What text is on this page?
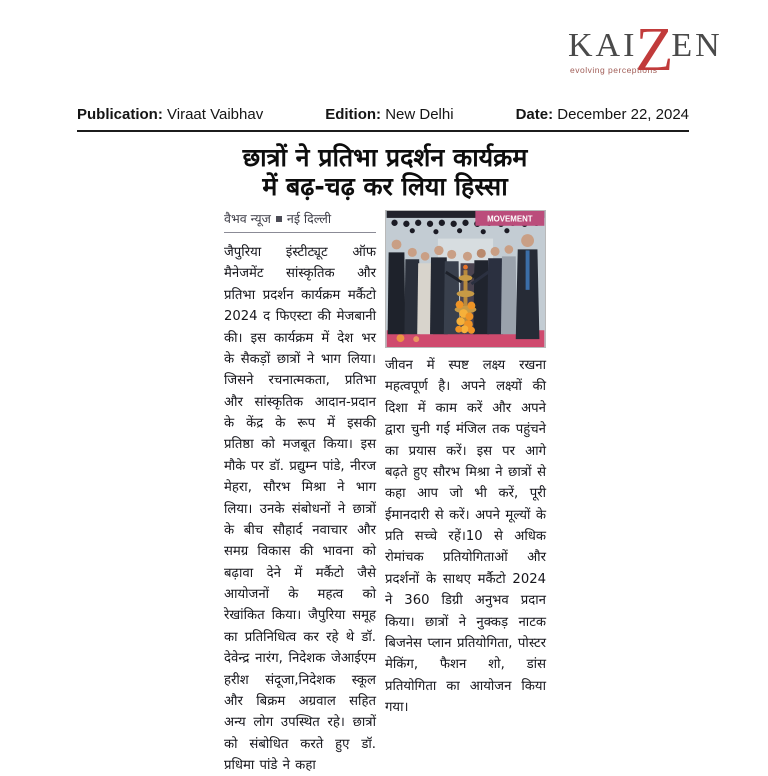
KAI
Z
EN
evolving perceptions
Publication: Viraat Vaibhav	Edition: New Delhi	Date: December 22, 2024
छात्रों ने प्रतिभा प्रदर्शन कार्यक्रम
में बढ़-चढ़ कर लिया हिस्सा
वैभव न्यूज नई दिल्ली

जैपुरिया इंस्टीट्यूट ऑफ मैनेजमेंट सांस्कृतिक और प्रतिभा प्रदर्शन कार्यक्रम मर्कैटो 2024 द फिएस्टा की मेजबानी की। इस कार्यक्रम में देश भर के सैकड़ों छात्रों ने भाग लिया। जिसने रचनात्मकता, प्रतिभा और सांस्कृतिक आदान-प्रदान के केंद्र के रूप में इसकी प्रतिष्ठा को मजबूत किया। इस मौके पर डॉ. प्रद्युम्न पांडे, नीरज मेहरा, सौरभ मिश्रा ने भाग लिया। उनके संबोधनों ने छात्रों के बीच सौहार्द नवाचार और समग्र विकास की भावना को बढ़ावा देने में मर्कैटो जैसे आयोजनों के महत्व को रेखांकित किया। जैपुरिया समूह का प्रतिनिधित्व कर रहे थे डॉ. देवेन्द्र नारंग, निदेशक जेआईएम हरीश संदूजा,निदेशक स्कूल और बिक्रम अग्रवाल सहित अन्य लोग उपस्थित रहे। छात्रों को संबोधित करते हुए डॉ. प्रधिमा पांडे ने कहा

MOVEMENT

जीवन में स्पष्ट लक्ष्य रखना महत्वपूर्ण है। अपने लक्ष्यों की दिशा में काम करें और अपने द्वारा चुनी गई मंजिल तक पहुंचने का प्रयास करें। इस पर आगे बढ़ते हुए सौरभ मिश्रा ने छात्रों से कहा आप जो भी करें, पूरी ईमानदारी से करें। अपने मूल्यों के प्रति सच्चे रहें।10 से अधिक रोमांचक प्रतियोगिताओं और प्रदर्शनों के साथए मर्कैटो 2024 ने 360 डिग्री अनुभव प्रदान किया। छात्रों ने नुक्कड़ नाटक बिजनेस प्लान प्रतियोगिता, पोस्टर मेकिंग, फैशन शो, डांस प्रतियोगिता का आयोजन किया गया।
